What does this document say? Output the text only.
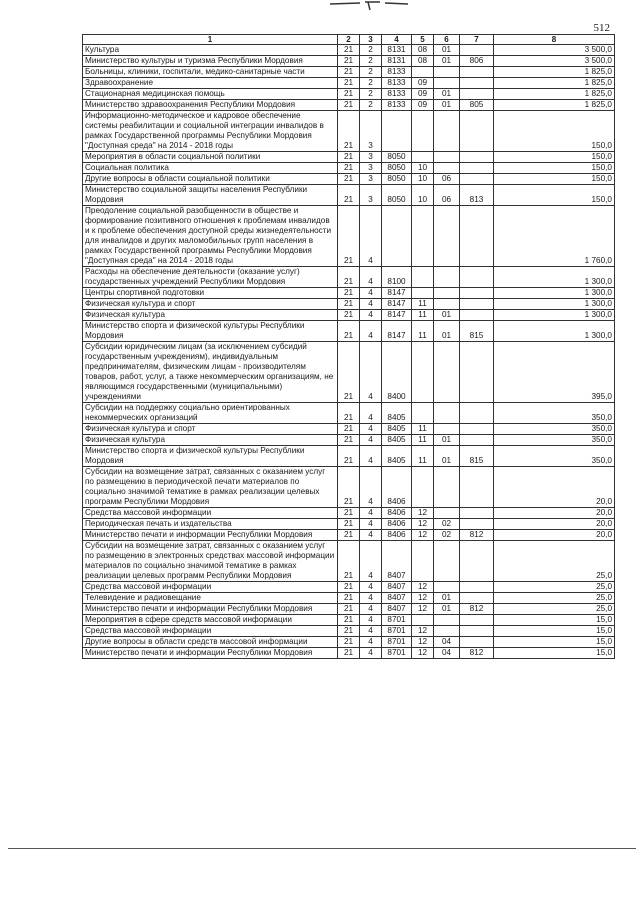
512
1	2	3	4	5	6	7	8
Культура	21	2	8131	08	01		3 500,0
Министерство культуры и туризма Республики Мордовия	21	2	8131	08	01	806	3 500,0
Больницы, клиники, госпитали, медико-санитарные части	21	2	8133				1 825,0
Здравоохранение	21	2	8133	09			1 825,0
Стационарная медицинская помощь	21	2	8133	09	01		1 825,0
Министерство здравоохранения Республики Мордовия	21	2	8133	09	01	805	1 825,0
Информационно-методическое и кадровое обеспечение системы реабилитации и социальной интеграции инвалидов в рамках Государственной программы Республики Мордовия "Доступная среда" на 2014 - 2018 годы	21	3					150,0
Мероприятия в области социальной политики	21	3	8050				150,0
Социальная политика	21	3	8050	10			150,0
Другие вопросы в области социальной политики	21	3	8050	10	06		150,0
Министерство социальной защиты населения Республики Мордовия	21	3	8050	10	06	813	150,0
Преодоление социальной разобщенности в обществе и формирование позитивного отношения к проблемам инвалидов и к проблеме обеспечения доступной среды жизнедеятельности для инвалидов и других маломобильных групп населения в рамках Государственной программы Республики Мордовия "Доступная среда" на 2014 - 2018 годы	21	4					1 760,0
Расходы на обеспечение деятельности (оказание услуг) государственных учреждений Республики Мордовия	21	4	8100				1 300,0
Центры спортивной подготовки	21	4	8147				1 300,0
Физическая культура и спорт	21	4	8147	11			1 300,0
Физическая культура	21	4	8147	11	01		1 300,0
Министерство спорта и физической культуры Республики Мордовия	21	4	8147	11	01	815	1 300,0
Субсидии юридическим лицам (за исключением субсидий государственным учреждениям), индивидуальным предпринимателям, физическим лицам - производителям товаров, работ, услуг, а также некоммерческим организациям, не являющимся государственными (муниципальными) учреждениями	21	4	8400				395,0
Субсидии на поддержку социально ориентированных некоммерческих организаций	21	4	8405				350,0
Физическая культура и спорт	21	4	8405	11			350,0
Физическая культура	21	4	8405	11	01		350,0
Министерство спорта и физической культуры Республики Мордовия	21	4	8405	11	01	815	350,0
Субсидии на возмещение затрат, связанных с оказанием услуг по размещению в периодической печати материалов по социально значимой тематике в рамках реализации целевых программ Республики Мордовия	21	4	8406				20,0
Средства массовой информации	21	4	8406	12			20,0
Периодическая печать и издательства	21	4	8406	12	02		20,0
Министерство печати и информации Республики Мордовия	21	4	8406	12	02	812	20,0
Субсидии на возмещение затрат, связанных с оказанием услуг по размещению в электронных средствах массовой информации материалов по социально значимой тематике в рамках реализации целевых программ Республики Мордовия	21	4	8407				25,0
Средства массовой информации	21	4	8407	12			25,0
Телевидение и радиовещание	21	4	8407	12	01		25,0
Министерство печати и информации Республики Мордовия	21	4	8407	12	01	812	25,0
Мероприятия в сфере средств массовой информации	21	4	8701				15,0
Средства массовой информации	21	4	8701	12			15,0
Другие вопросы в области средств массовой информации	21	4	8701	12	04		15,0
Министерство печати и информации Республики Мордовия	21	4	8701	12	04	812	15,0
